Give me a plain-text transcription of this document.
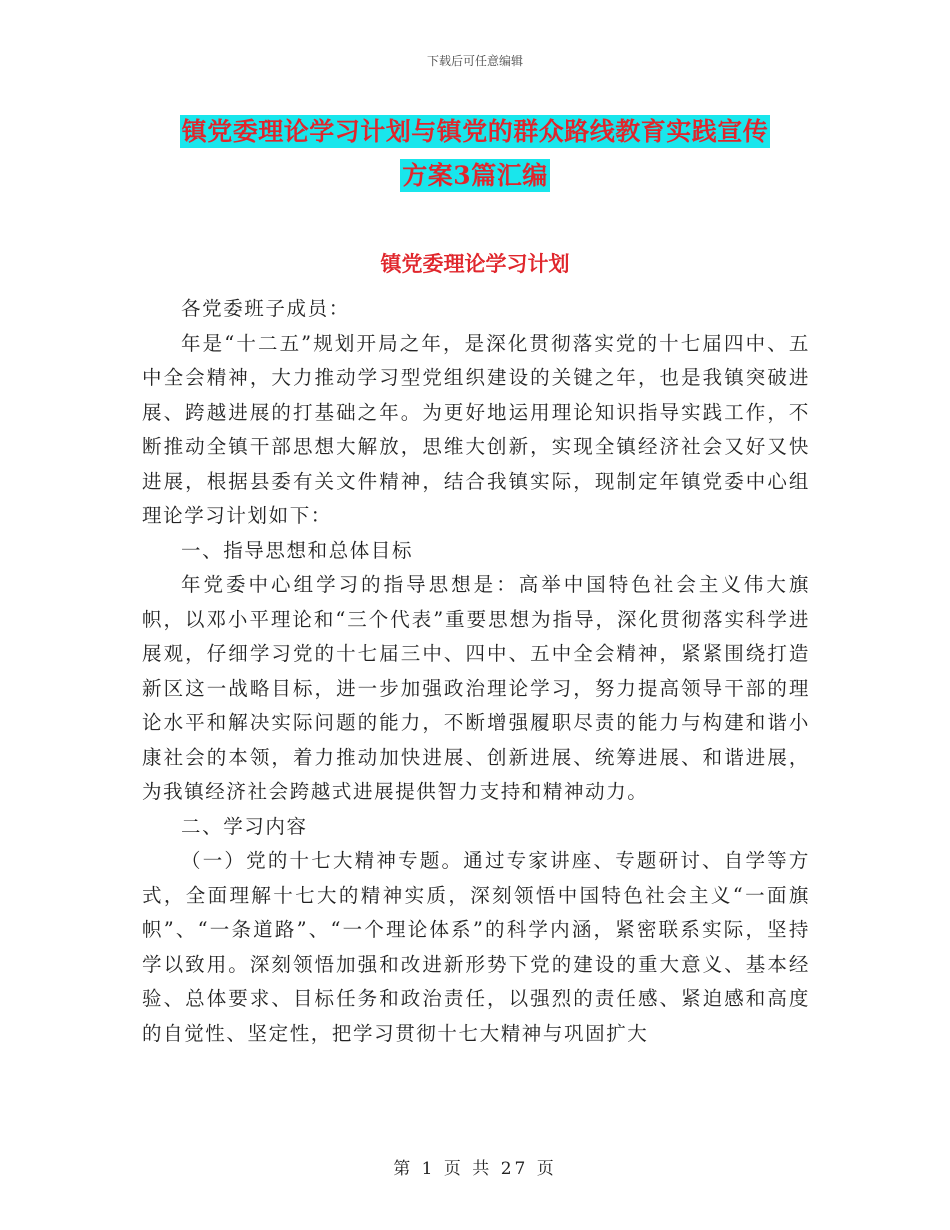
下载后可任意编辑
镇党委理论学习计划与镇党的群众路线教育实践宣传
方案3篇汇编
镇党委理论学习计划

各党委班子成员：

年是“十二五”规划开局之年，是深化贯彻落实党的十七届四中、五中全会精神，大力推动学习型党组织建设的关键之年，也是我镇突破进展、跨越进展的打基础之年。为更好地运用理论知识指导实践工作，不断推动全镇干部思想大解放，思维大创新，实现全镇经济社会又好又快进展，根据县委有关文件精神，结合我镇实际，现制定年镇党委中心组理论学习计划如下：

一、指导思想和总体目标

年党委中心组学习的指导思想是：高举中国特色社会主义伟大旗帜，以邓小平理论和“三个代表”重要思想为指导，深化贯彻落实科学进展观，仔细学习党的十七届三中、四中、五中全会精神，紧紧围绕打造新区这一战略目标，进一步加强政治理论学习，努力提高领导干部的理论水平和解决实际问题的能力，不断增强履职尽责的能力与构建和谐小康社会的本领，着力推动加快进展、创新进展、统筹进展、和谐进展，为我镇经济社会跨越式进展提供智力支持和精神动力。

二、学习内容

（一）党的十七大精神专题。通过专家讲座、专题研讨、自学等方式，全面理解十七大的精神实质，深刻领悟中国特色社会主义“一面旗帜”、“一条道路”、“一个理论体系”的科学内涵，紧密联系实际，坚持学以致用。深刻领悟加强和改进新形势下党的建设的重大意义、基本经验、总体要求、目标任务和政治责任，以强烈的责任感、紧迫感和高度的自觉性、坚定性，把学习贯彻十七大精神与巩固扩大

第 1 页 共 27 页
